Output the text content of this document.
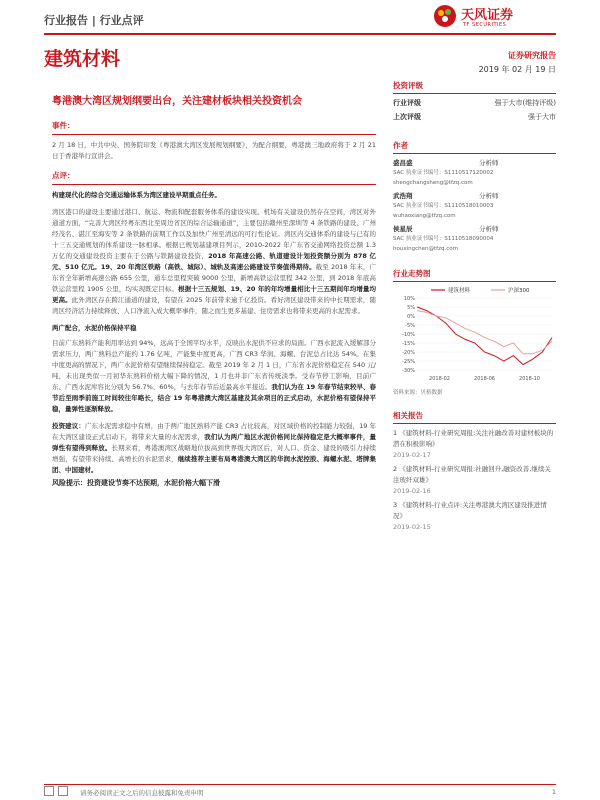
行业报告 | 行业点评	天风证券
TF SECURITIES
建筑材料	证券研究报告
2019 年 02 月 19 日
粤港澳大湾区规划纲要出台，关注建材板块相关投资机会
事件：
2 月 18 日，中共中央、国务院印发《粤港澳大湾区发展规划纲要》，为配合纲要，粤港澳三地政府将于 2 月 21 日于香港举行宣讲会。
点评：
构建现代化的综合交通运输体系为湾区建设早期重点任务。
湾区港口的建设主要通过港口、航运、物流和配套服务体系的建设实现。机场有关建设仍然存在空间，湾区对外通道方面，“完善大湾区经粤东西北至周边省区的综合运输通道”，主要包括赣州至深圳等 4 条铁路的建设、广州经茂名、湛江至海安等 2 条铁路的前期工作以及加快广州至清远的可行性论证。湾区内交通体系的建设与已有的十三五交通规划的体系建设一脉相承。根据已规划基建项目列示，2010-2022 年广东省交通网络投资总额 1.3 万亿的交通建设投资主要在于公路与铁路建设投资，2018 年高速公路、轨道建设计划投资额分别为 878 亿元、510 亿元。19、20 年湾区铁路（高铁、城际）、城轨及高速公路建设节奏值得期待。截至 2018 年末，广东省全年新增高速公路 655 公里，通车总里程突破 9000 公里，新增高铁运营里程 342 公里，到 2018 年底高铁运营里程 1905 公里，均实现既定目标。根据十三五规划、19、20 年的年均增量相比十三五期间年均增量均更高。此外湾区存在跨江通道的建设，有望在 2025 年前带来逾千亿投资。看好湾区建设带来的中长期需求，随湾区经济活力持续释放、人口净流入成大概率事件，随之而生更多基建、住房需求也将带来更高的水泥需求。
两广配合，水泥价格保持平稳
目前广东熟料产能利用率达到 94%，远高于全国平均水平，反映出水泥供不应求的局面。广西水泥流入缓解部分需求压力，两广熟料总产能约 1.76 亿吨，产能集中度更高，广西 CR3 华润、海螺、台泥总占比达 54%。在集中度更高的情况下，两广水泥价格有望继续保持稳定。截至 2019 年 2 月 1 日，广东省水泥价格稳定在 540 元/吨，未出现类似一月初华东熟料价格大幅下降的情况，1 月也并非广东省传统淡季。受春节停工影响，目前广东、广西水泥库容比分别为 56.7%、60%，与去年春节后近最高水平接近。我们认为在 19 年春节结束较早、春节后至雨季前施工时间较往年略长，结合 19 年粤港澳大湾区基建及其余项目的正式启动，水泥价格有望保持平稳，量弹性逐渐释放。
投资建议：广东水泥需求稳中有增，由于两广地区熟料产能 CR3 占比较高，对区域价格的控制能力较强，19 年在大湾区建设正式启动下，将带来大量的水泥需求，我们认为两广地区水泥价格同比保持稳定是大概率事件，量弹性有望得到释放。长期来看，粤港澳湾区战略地位拔高到世界级大湾区后，对人口、资金、建设的吸引力持续增强，有望带来持续、高增长的水泥需求，继续推荐主要布局粤港澳大湾区的华润水泥控股、海螺水泥、塔牌集团、中国建材。
风险提示：投资建设节奏不达预期，水泥价格大幅下滑
投资评级
行业评级	强于大市(维持评级)
上次评级	强于大市
作者
盛昌盛	分析师
SAC 执业证书编号：S1110517120002
shengchangsheng@tfzq.com
武浩翔	分析师
SAC 执业证书编号：S1110518010003
wuhaoxiang@tfzq.com
侯星辰	分析师
SAC 执业证书编号：S1110518090004
houxingchen@tfzq.com
行业走势图
10%
5%
0%
-5%
-10%
-15%
-20%
-25%
-30%
2018-02	2018-06	2018-10
建筑材料	沪深300
资料来源：贝格数据
相关报告
1 《建筑材料-行业研究周报:关注社融改善对建材板块的潜在积极影响》
2019-02-17
2 《建筑材料-行业研究周报:社融回升,融资改善,继续关注玻纤双雄》
2019-02-16
3 《建筑材料-行业点评:关注粤港澳大湾区建设推进情况》
2019-02-15
请务必阅读正文之后的信息披露和免责申明	1
